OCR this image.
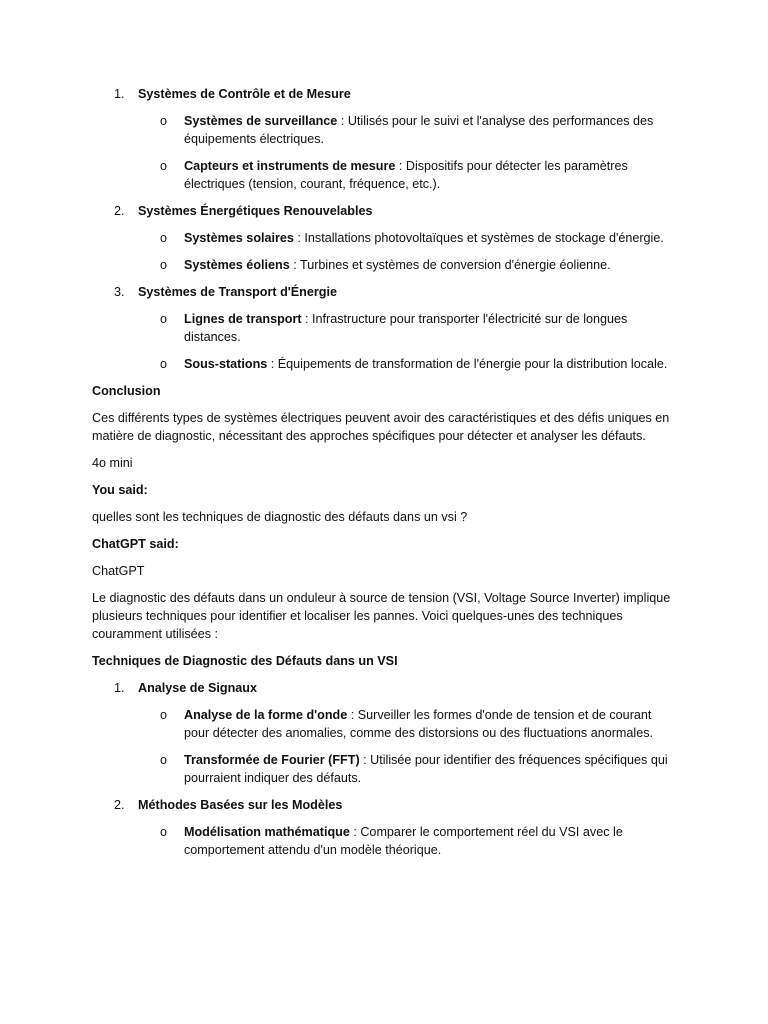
1. Systèmes de Contrôle et de Mesure
o Systèmes de surveillance : Utilisés pour le suivi et l'analyse des performances des équipements électriques.
o Capteurs et instruments de mesure : Dispositifs pour détecter les paramètres électriques (tension, courant, fréquence, etc.).
2. Systèmes Énergétiques Renouvelables
o Systèmes solaires : Installations photovoltaïques et systèmes de stockage d'énergie.
o Systèmes éoliens : Turbines et systèmes de conversion d'énergie éolienne.
3. Systèmes de Transport d'Énergie
o Lignes de transport : Infrastructure pour transporter l'électricité sur de longues distances.
o Sous-stations : Équipements de transformation de l'énergie pour la distribution locale.

Conclusion

Ces différents types de systèmes électriques peuvent avoir des caractéristiques et des défis uniques en matière de diagnostic, nécessitant des approches spécifiques pour détecter et analyser les défauts.

4o mini

You said:

quelles sont les techniques de diagnostic des défauts dans un vsi ?

ChatGPT said:

ChatGPT

Le diagnostic des défauts dans un onduleur à source de tension (VSI, Voltage Source Inverter) implique plusieurs techniques pour identifier et localiser les pannes. Voici quelques-unes des techniques couramment utilisées :

Techniques de Diagnostic des Défauts dans un VSI

1. Analyse de Signaux
o Analyse de la forme d'onde : Surveiller les formes d'onde de tension et de courant pour détecter des anomalies, comme des distorsions ou des fluctuations anormales.
o Transformée de Fourier (FFT) : Utilisée pour identifier des fréquences spécifiques qui pourraient indiquer des défauts.
2. Méthodes Basées sur les Modèles
o Modélisation mathématique : Comparer le comportement réel du VSI avec le comportement attendu d'un modèle théorique.
